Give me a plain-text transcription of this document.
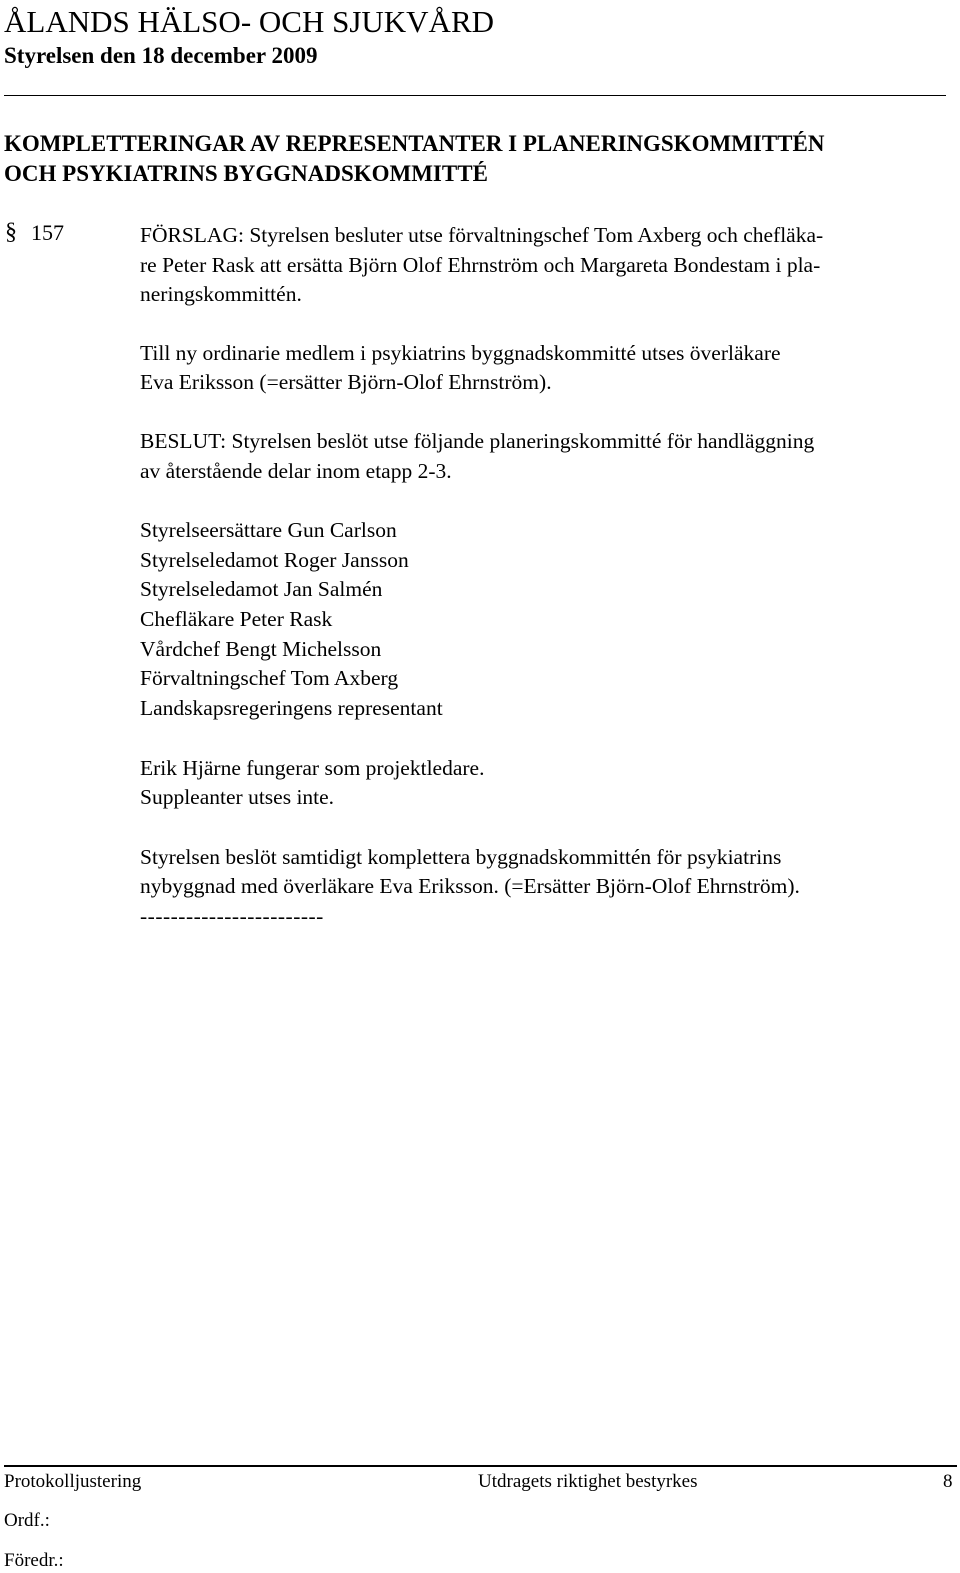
ÅLANDS HÄLSO- OCH SJUKVÅRD
Styrelsen den 18 december 2009
KOMPLETTERINGAR AV REPRESENTANTER I PLANERINGSKOMMITTÉN
OCH PSYKIATRINS BYGGNADSKOMMITTÉ
§ 157	FÖRSLAG: Styrelsen besluter utse förvaltningschef Tom Axberg och chefläka-
re Peter Rask att ersätta Björn Olof Ehrnström och Margareta Bondestam i pla-
neringskommittén.
Till ny ordinarie medlem i psykiatrins byggnadskommitté utses överläkare
Eva Eriksson (=ersätter Björn-Olof Ehrnström).
BESLUT: Styrelsen beslöt utse följande planeringskommitté för handläggning
av återstående delar inom etapp 2-3.
Styrelseersättare Gun Carlson
Styrelseledamot Roger Jansson
Styrelseledamot Jan Salmén
Chefläkare Peter Rask
Vårdchef Bengt Michelsson
Förvaltningschef Tom Axberg
Landskapsregeringens representant
Erik Hjärne fungerar som projektledare.
Suppleanter utses inte.
Styrelsen beslöt samtidigt komplettera byggnadskommittén för psykiatrins
nybyggnad med överläkare Eva Eriksson. (=Ersätter Björn-Olof Ehrnström).
------------------------
Protokolljustering	Utdragets riktighet bestyrkes	8
Ordf.:
Föredr.:
